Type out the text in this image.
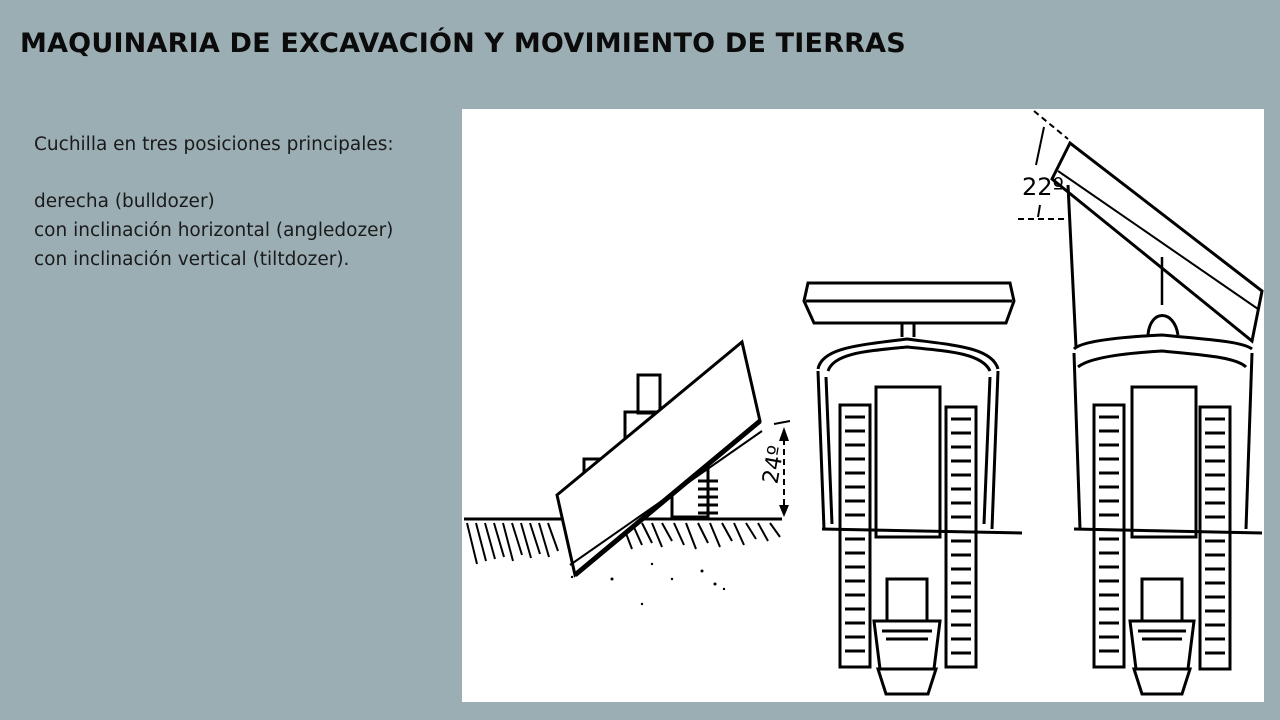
MAQUINARIA DE EXCAVACIÓN Y MOVIMIENTO DE TIERRAS
Cuchilla en tres posiciones principales:
derecha (bulldozer)
con inclinación horizontal (angledozer)
con inclinación vertical (tiltdozer).
24º
22º
